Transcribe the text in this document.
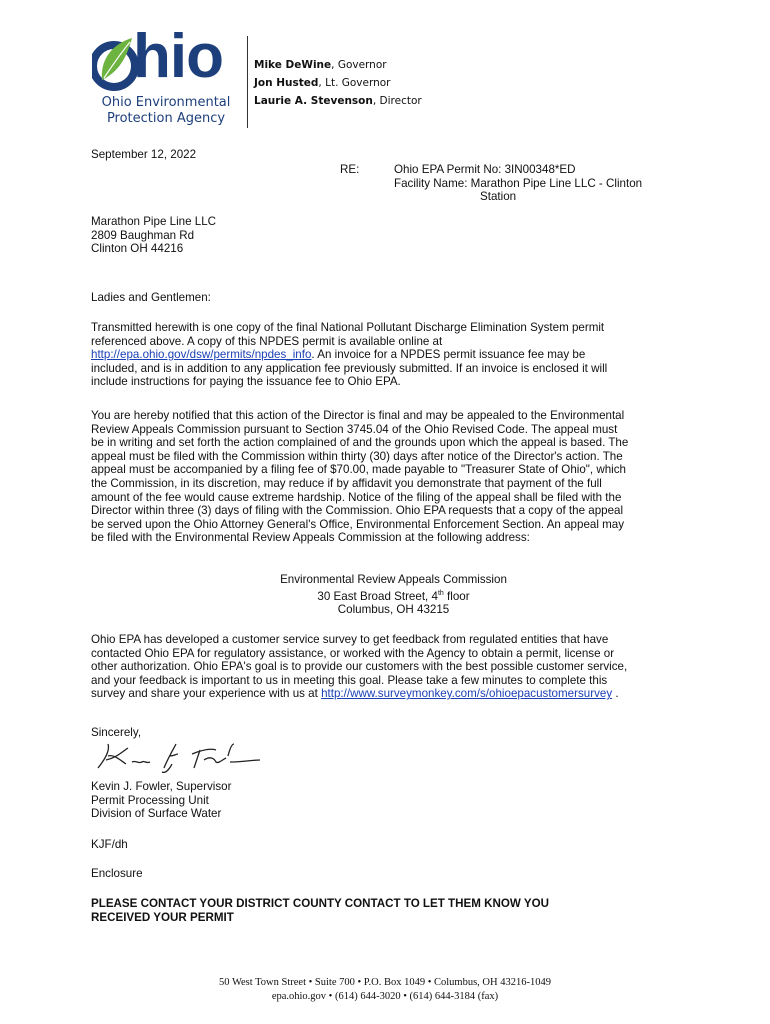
hio
Ohio Environmental
Protection Agency
Mike DeWine, Governor
Jon Husted, Lt. Governor
Laurie A. Stevenson, Director
September 12, 2022
RE:	Ohio EPA Permit No: 3IN00348*ED
Facility Name: Marathon Pipe Line LLC - Clinton
Station
Marathon Pipe Line LLC
2809 Baughman Rd
Clinton OH 44216
Ladies and Gentlemen:
Transmitted herewith is one copy of the final National Pollutant Discharge Elimination System permit
referenced above. A copy of this NPDES permit is available online at
http://epa.ohio.gov/dsw/permits/npdes_info. An invoice for a NPDES permit issuance fee may be
included, and is in addition to any application fee previously submitted. If an invoice is enclosed it will
include instructions for paying the issuance fee to Ohio EPA.
You are hereby notified that this action of the Director is final and may be appealed to the Environmental
Review Appeals Commission pursuant to Section 3745.04 of the Ohio Revised Code. The appeal must
be in writing and set forth the action complained of and the grounds upon which the appeal is based. The
appeal must be filed with the Commission within thirty (30) days after notice of the Director's action. The
appeal must be accompanied by a filing fee of $70.00, made payable to "Treasurer State of Ohio", which
the Commission, in its discretion, may reduce if by affidavit you demonstrate that payment of the full
amount of the fee would cause extreme hardship. Notice of the filing of the appeal shall be filed with the
Director within three (3) days of filing with the Commission. Ohio EPA requests that a copy of the appeal
be served upon the Ohio Attorney General's Office, Environmental Enforcement Section. An appeal may
be filed with the Environmental Review Appeals Commission at the following address:
Environmental Review Appeals Commission
30 East Broad Street, 4th floor
Columbus, OH 43215
Ohio EPA has developed a customer service survey to get feedback from regulated entities that have
contacted Ohio EPA for regulatory assistance, or worked with the Agency to obtain a permit, license or
other authorization. Ohio EPA's goal is to provide our customers with the best possible customer service,
and your feedback is important to us in meeting this goal. Please take a few minutes to complete this
survey and share your experience with us at http://www.surveymonkey.com/s/ohioepacustomersurvey .
Sincerely,
Kevin J. Fowler, Supervisor
Permit Processing Unit
Division of Surface Water
KJF/dh
Enclosure
PLEASE CONTACT YOUR DISTRICT COUNTY CONTACT TO LET THEM KNOW YOU
RECEIVED YOUR PERMIT
50 West Town Street • Suite 700 • P.O. Box 1049 • Columbus, OH 43216-1049
epa.ohio.gov • (614) 644-3020 • (614) 644-3184 (fax)
